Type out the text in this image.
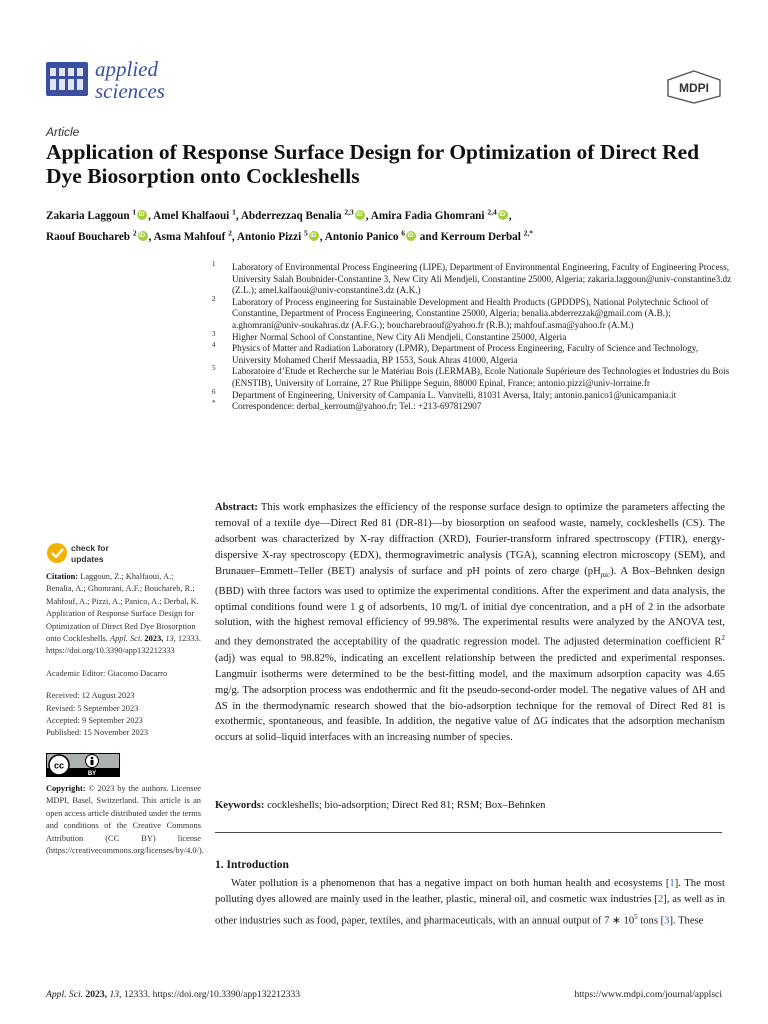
applied
sciences	MDPI
Article
Application of Response Surface Design for Optimization of Direct Red Dye Biosorption onto Cockleshells
Zakaria Laggoun $^1$ iD , Amel Khalfaoui $^1$, Abderrezzaq Benalia $^{2,3}$ iD , Amira Fadia Ghomrani $^{2,4}$ iD ,
Raouf Bouchareb $^2$ iD , Asma Mahfouf $^2$, Antonio Pizzi $^5$ iD , Antonio Panico $^6$iD and Kerroum Derbal $^{2,*}$
1 Laboratory of Environmental Process Engineering (LIPE), Department of Environmental Engineering, Faculty of Engineering Process, University Salah Boubnider-Constantine 3, New City Ali Mendjeli, Constantine 25000, Algeria; zakaria.laggoun@univ-constantine3.dz (Z.L.); amel.kalfaoui@univ-constantine3.dz (A.K.)
2 Laboratory of Process engineering for Sustainable Development and Health Products (GPDDPS), National Polytechnic School of Constantine, Department of Process Engineering, Constantine 25000, Algeria; benalia.abderrezzak@gmail.com (A.B.); a.ghomrani@univ-soukahras.dz (A.F.G.); boucharebraouf@yahoo.fr (R.B.); mahfouf.asma@yahoo.fr (A.M.)
3 Higher Normal School of Constantine, New City Ali Mendjeli, Constantine 25000, Algeria
4 Physics of Matter and Radiation Laboratory (LPMR), Department of Process Engineering, Faculty of Science and Technology, University Mohamed Cherif Messaadia, BP 1553, Souk Ahras 41000, Algeria
5 Laboratoire d’Etude et Recherche sur le Matériau Bois (LERMAB), Ecole Nationale Supérieure des Technologies et Industries du Bois (ENSTIB), University of Lorraine, 27 Rue Philippe Seguin, 88000 Epinal, France; antonio.pizzi@univ-lorraine.fr
6 Department of Engineering, University of Campania L. Vanvitelli, 81031 Aversa, Italy; antonio.panico1@unicampania.it
* Correspondence: derbal_kerroum@yahoo.fr; Tel.: +213-697812907
check for
updates
Citation: Laggoun, Z.; Khalfaoui, A.; Benalia, A.; Ghomrani, A.F.; Bouchareb, R.; Mahfouf, A.; Pizzi, A.; Panico, A.; Derbal, K. Application of Response Surface Design for Optimization of Direct Red Dye Biosorption onto Cockleshells. Appl. Sci. 2023, 13, 12333. https://doi.org/10.3390/app132212333
Academic Editor: Giacomo Dacarro
Received: 12 August 2023
Revised: 5 September 2023
Accepted: 9 September 2023
Published: 15 November 2023
cc
BY
Copyright: © 2023 by the authors. Licensee MDPI, Basel, Switzerland. This article is an open access article distributed under the terms and conditions of the Creative Commons Attribution (CC BY) license (https://creativecommons.org/licenses/by/4.0/).
Abstract: This work emphasizes the efficiency of the response surface design to optimize the parameters affecting the removal of a textile dye—Direct Red 81 (DR-81)—by biosorption on seafood waste, namely, cockleshells (CS). The adsorbent was characterized by X-ray diffraction (XRD), Fourier-transform infrared spectroscopy (FTIR), energy-dispersive X-ray spectroscopy (EDX), thermogravimetric analysis (TGA), scanning electron microscopy (SEM), and Brunauer–Emmett–Teller (BET) analysis of surface and pH points of zero charge $(pH_{pzc})$. A Box–Behnken design (BBD) with three factors was used to optimize the experimental conditions. After the experiment and data analysis, the optimal conditions found were 1 g of adsorbents, 10 mg/L of initial dye concentration, and a pH of 2 in the adsorbate solution, with the highest removal efficiency of 99.98%. The experimental results were analyzed by the ANOVA test, and they demonstrated the acceptability of the quadratic regression model. The adjusted determination coefficient $R^2$ (adj) was equal to 98.82%, indicating an excellent relationship between the predicted and experimental responses. Langmuir isotherms were determined to be the best-fitting model, and the maximum adsorption capacity was 4.65 mg/g. The adsorption process was endothermic and fit the pseudo-second-order model. The negative values of ΔH and ΔS in the thermodynamic research showed that the bio-adsorption technique for the removal of Direct Red 81 is exothermic, spontaneous, and feasible. In addition, the negative value of ΔG indicates that the adsorption mechanism occurs at solid–liquid interfaces with an increasing number of species.
Keywords: cockleshells; bio-adsorption; Direct Red 81; RSM; Box–Behnken
1. Introduction
Water pollution is a phenomenon that has a negative impact on both human health and ecosystems [1]. The most polluting dyes allowed are mainly used in the leather, plastic, mineral oil, and cosmetic wax industries [2], as well as in other industries such as food, paper, textiles, and pharmaceuticals, with an annual output of 7 ∗ $10^5$ tons [3]. These
Appl. Sci. 2023, 13, 12333. https://doi.org/10.3390/app132212333	https://www.mdpi.com/journal/applsci
